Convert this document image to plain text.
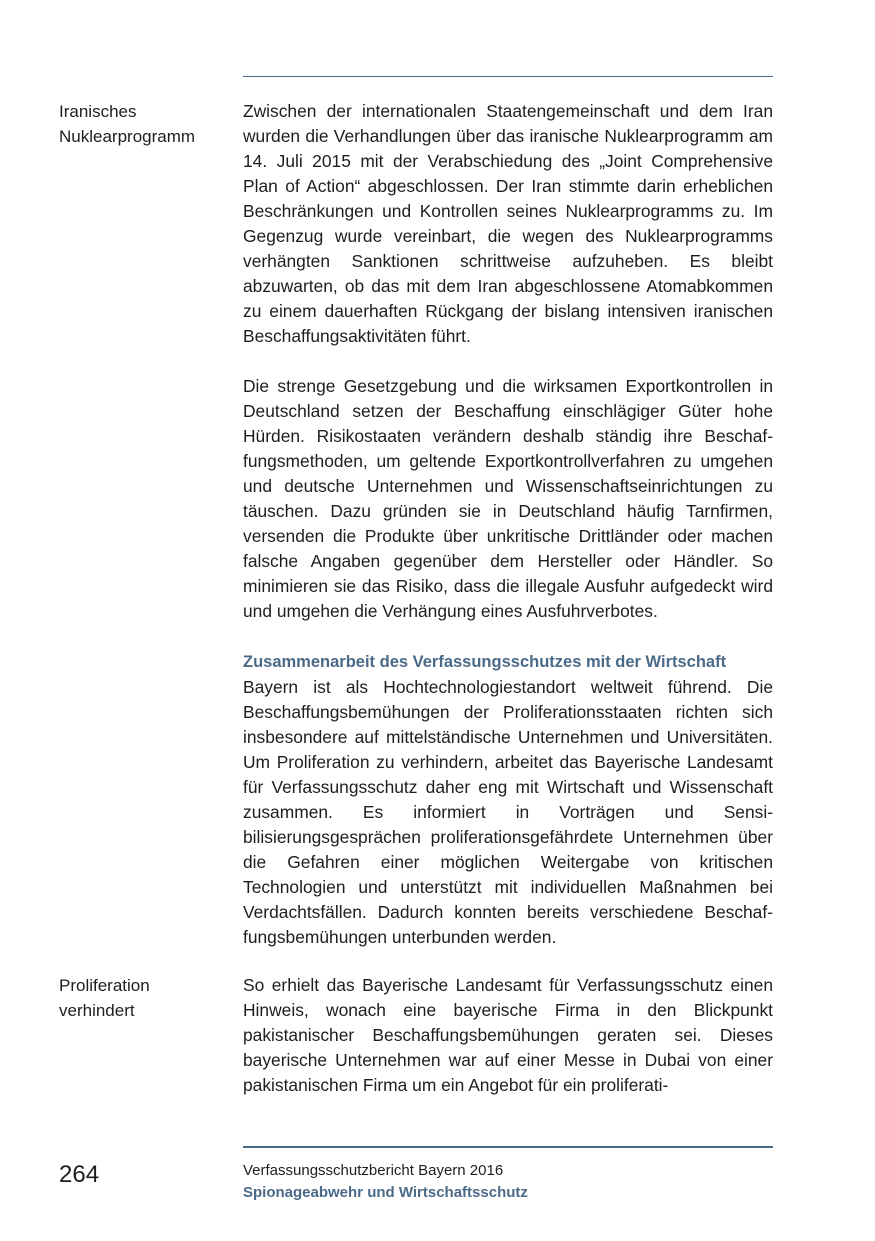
Iranisches
Nuklearprogramm

Zwischen der internationalen Staatengemeinschaft und dem Iran wurden die Verhandlungen über das iranische Nuklearprogramm am 14. Juli 2015 mit der Verabschiedung des „Joint Comprehensive Plan of Action“ abgeschlossen. Der Iran stimmte darin erheblichen Beschränkungen und Kontrollen seines Nuklearprogramms zu. Im Gegenzug wurde vereinbart, die wegen des Nuklearprogramms verhängten Sanktionen schrittweise aufzuheben. Es bleibt abzuwarten, ob das mit dem Iran abgeschlossene Atomabkommen zu einem dauerhaften Rückgang der bislang intensiven iranischen Beschaffungsaktivitäten führt.

Die strenge Gesetzgebung und die wirksamen Exportkontrollen in Deutschland setzen der Beschaffung einschlägiger Güter hohe Hürden. Risikostaaten verändern deshalb ständig ihre Beschaffungsmethoden, um geltende Exportkontrollverfahren zu umgehen und deutsche Unternehmen und Wissenschaftseinrichtungen zu täuschen. Dazu gründen sie in Deutschland häufig Tarnfirmen, versenden die Produkte über unkritische Drittländer oder machen falsche Angaben gegenüber dem Hersteller oder Händler. So minimieren sie das Risiko, dass die illegale Ausfuhr aufgedeckt wird und umgehen die Verhängung eines Ausfuhrverbotes.

Zusammenarbeit des Verfassungsschutzes mit der Wirtschaft

Bayern ist als Hochtechnologiestandort weltweit führend. Die Beschaffungsbemühungen der Proliferationsstaaten richten sich insbesondere auf mittelständische Unternehmen und Universitäten. Um Proliferation zu verhindern, arbeitet das Bayerische Landesamt für Verfassungsschutz daher eng mit Wirtschaft und Wissenschaft zusammen. Es informiert in Vorträgen und Sensibilisierungsgesprächen proliferationsgefährdete Unternehmen über die Gefahren einer möglichen Weitergabe von kritischen Technologien und unterstützt mit individuellen Maßnahmen bei Verdachtsfällen. Dadurch konnten bereits verschiedene Beschaffungsbemühungen unterbunden werden.

Proliferation
verhindert

So erhielt das Bayerische Landesamt für Verfassungsschutz einen Hinweis, wonach eine bayerische Firma in den Blickpunkt pakistanischer Beschaffungsbemühungen geraten sei. Dieses bayerische Unternehmen war auf einer Messe in Dubai von einer pakistanischen Firma um ein Angebot für ein proliferati-

264	Verfassungsschutzbericht Bayern 2016
Spionageabwehr und Wirtschaftsschutz
